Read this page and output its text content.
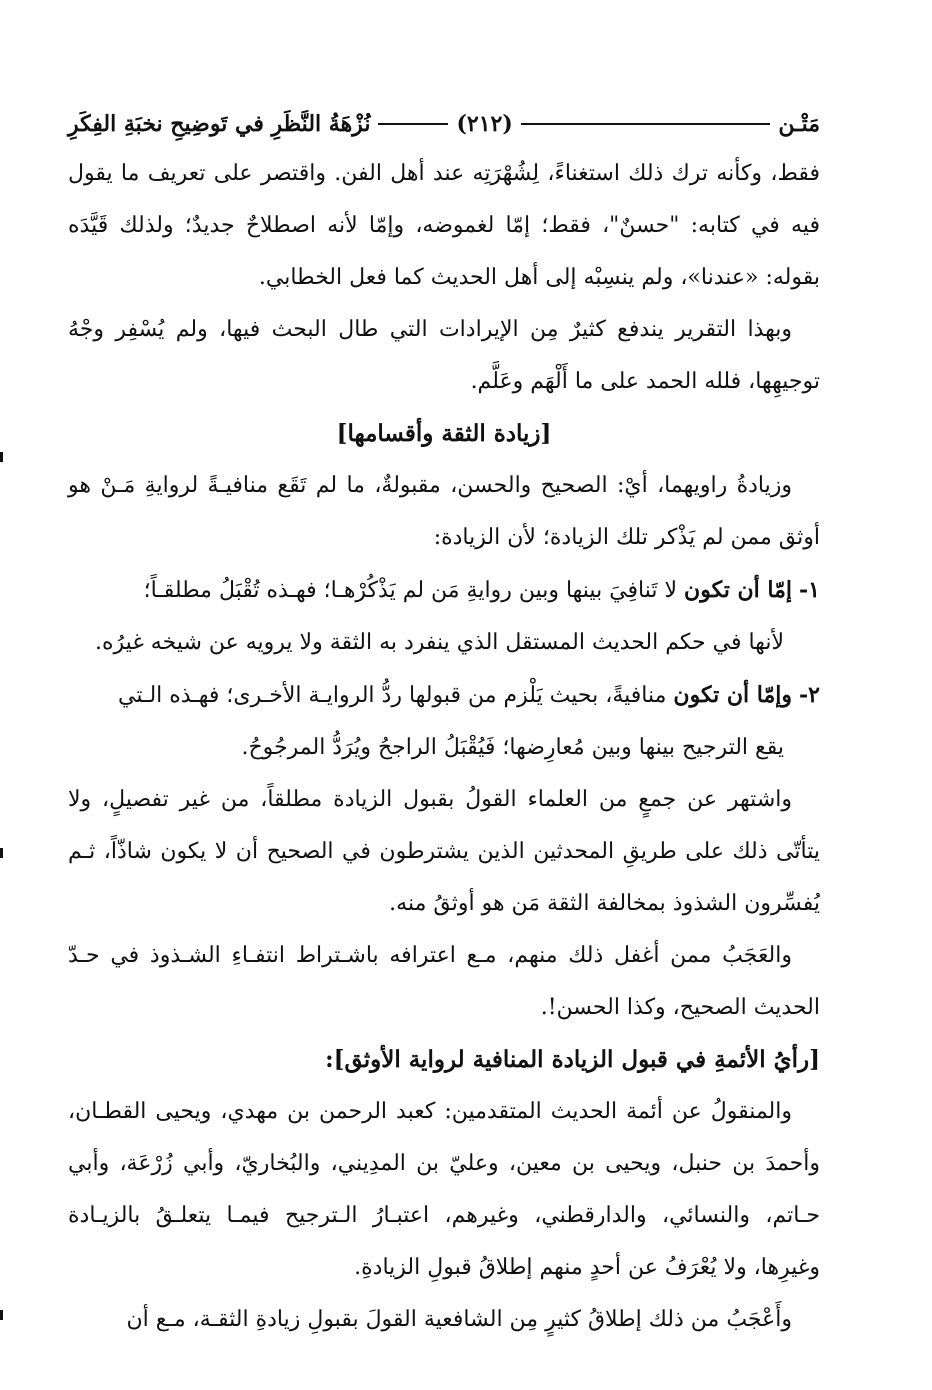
مَتْـن
(٢١٢)
نُزْهَةُ النَّظَرِ في تَوضِيحِ نخبَةِ الفِكَرِ

فقط، وكأنه ترك ذلك استغناءً، لِشُهْرَتِه عند أهل الفن. واقتصر على تعريف ما يقول فيه في كتابه: "حسنٌ"، فقط؛ إمّا لغموضه، وإمّا لأنه اصطلاحٌ جديدٌ؛ ولذلك قَيَّدَه بقوله: «عندنا»، ولم ينسِبْه إلى أهل الحديث كما فعل الخطابي.

وبهذا التقرير يندفع كثيرٌ مِن الإيرادات التي طال البحث فيها، ولم يُسْفِر وجْهُ توجيهِها، فلله الحمد على ما أَلْهَم وعَلَّم.

[زيادة الثقة وأقسامها]

وزيادةُ راويهما، أيْ: الصحيح والحسن، مقبولةٌ، ما لم تَقَع منافيـةً لروايةِ مَـنْ هو أوثق ممن لم يَذْكر تلك الزيادة؛ لأن الزيادة:

١- إمّا أن تكون لا تَنافِيَ بينها وبين روايةِ مَن لم يَذْكُرْهـا؛ فهـذه تُقْبَلُ مطلقـاً؛

لأنها في حكم الحديث المستقل الذي ينفرد به الثقة ولا يرويه عن شيخه غيرُه.

٢- وإمّا أن تكون منافيةً، بحيث يَلْزم من قبولها ردُّ الروايـة الأخـرى؛ فهـذه الـتي

يقع الترجيح بينها وبين مُعارِضها؛ فَيُقْبَلُ الراجحُ ويُرَدُّ المرجُوحُ.

واشتهر عن جمعٍ من العلماء القولُ بقبول الزيادة مطلقاً، من غير تفصيلٍ، ولا يتأتّى ذلك على طريقِ المحدثين الذين يشترطون في الصحيح أن لا يكون شاذّاً، ثـم يُفسِّرون الشذوذ بمخالفة الثقة مَن هو أوثقُ منه.

والعَجَبُ ممن أغفل ذلك منهم، مـع اعترافه باشـتراط انتفـاءِ الشـذوذ في حـدّ الحديث الصحيح، وكذا الحسن!.

[رأيُ الأئمةِ في قبول الزيادة المنافية لرواية الأوثق]:

والمنقولُ عن أئمة الحديث المتقدمين: كعبد الرحمن بن مهدي، ويحيى القطـان، وأحمدَ بن حنبل، ويحيى بن معين، وعليّ بن المدِيني، والبُخاريّ، وأبي زُرْعَة، وأبي حـاتم، والنسائي، والدارقطني، وغيرهم، اعتبـارُ الـترجيح فيمـا يتعلـقُ بالزيـادة وغيرِها، ولا يُعْرَفُ عن أحدٍ منهم إطلاقُ قبولِ الزيادةِ.

وأَعْجَبُ من ذلك إطلاقُ كثيرٍ مِن الشافعية القولَ بقبولِ زيادةِ الثقـة، مـع أن
